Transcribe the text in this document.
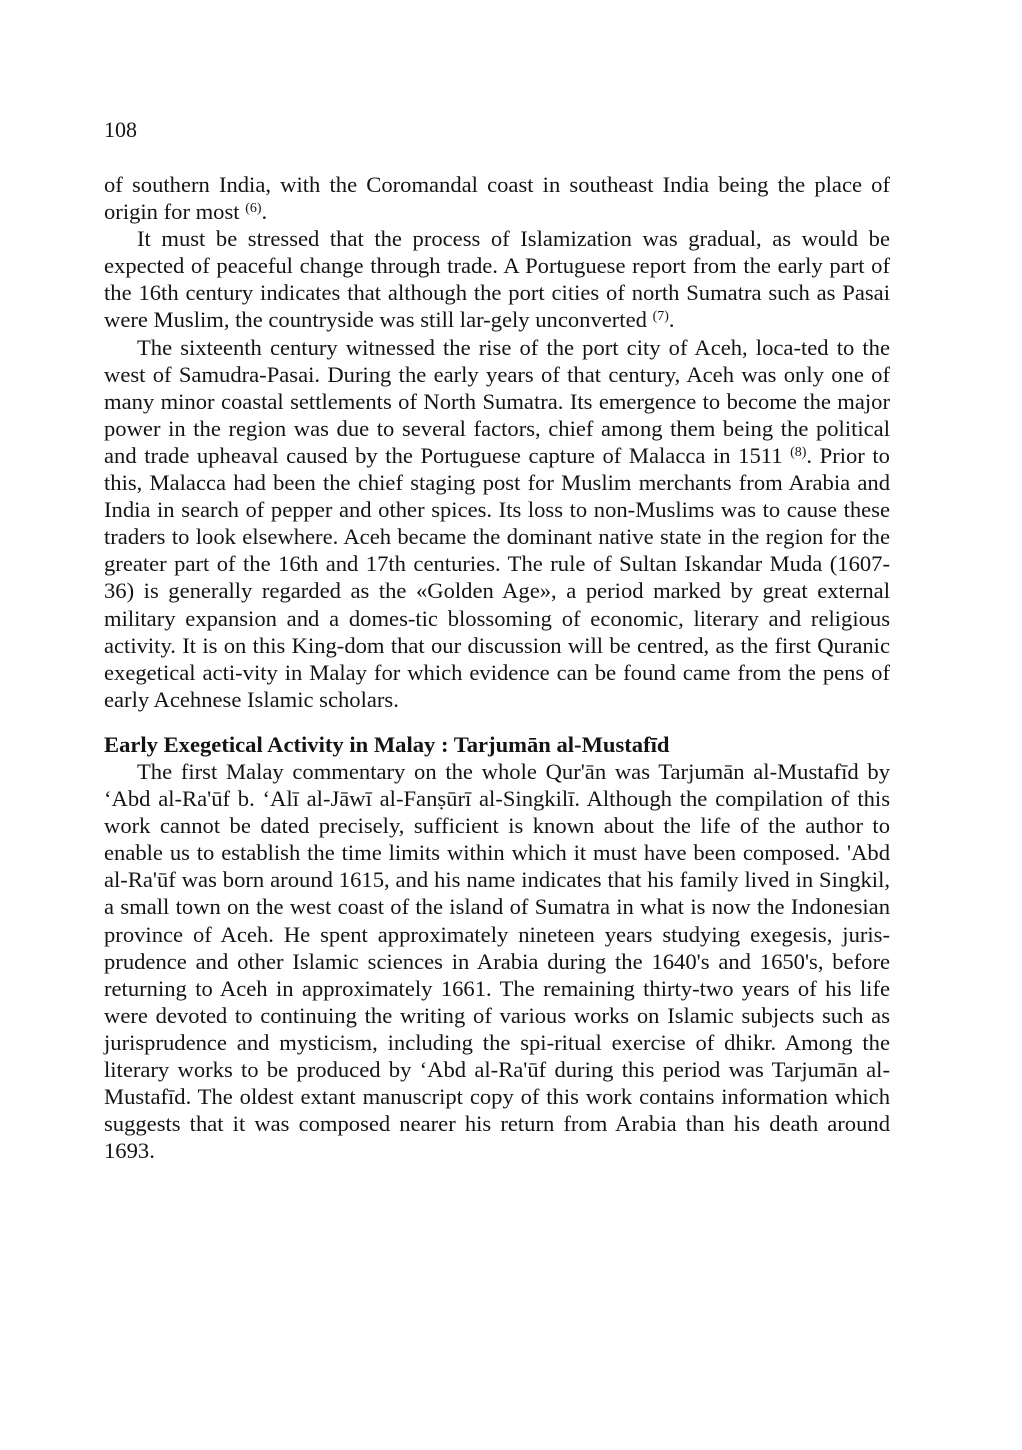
108

of southern India, with the Coromandal coast in southeast India being the place of origin for most $^{(6)}$.

It must be stressed that the process of Islamization was gradual, as would be expected of peaceful change through trade. A Portuguese report from the early part of the 16th century indicates that although the port cities of north Sumatra such as Pasai were Muslim, the countryside was still lar-gely unconverted $^{(7)}$.

The sixteenth century witnessed the rise of the port city of Aceh, loca-ted to the west of Samudra-Pasai. During the early years of that century, Aceh was only one of many minor coastal settlements of North Sumatra. Its emergence to become the major power in the region was due to several factors, chief among them being the political and trade upheaval caused by the Portuguese capture of Malacca in 1511 $^{(8)}$. Prior to this, Malacca had been the chief staging post for Muslim merchants from Arabia and India in search of pepper and other spices. Its loss to non-Muslims was to cause these traders to look elsewhere. Aceh became the dominant native state in the region for the greater part of the 16th and 17th centuries. The rule of Sultan Iskandar Muda (1607-36) is generally regarded as the «Golden Age», a period marked by great external military expansion and a domes-tic blossoming of economic, literary and religious activity. It is on this King-dom that our discussion will be centred, as the first Quranic exegetical acti-vity in Malay for which evidence can be found came from the pens of early Acehnese Islamic scholars.

Early Exegetical Activity in Malay : Tarjumān al-Mustafīd

The first Malay commentary on the whole Qur'ān was Tarjumān al-Mustafīd by ‘Abd al-Ra'ūf b. ‘Alī al-Jāwī al-Fanṣūrī al-Singkilī. Although the compilation of this work cannot be dated precisely, sufficient is known about the life of the author to enable us to establish the time limits within which it must have been composed. 'Abd al-Ra'ūf was born around 1615, and his name indicates that his family lived in Singkil, a small town on the west coast of the island of Sumatra in what is now the Indonesian province of Aceh. He spent approximately nineteen years studying exegesis, juris-prudence and other Islamic sciences in Arabia during the 1640's and 1650's, before returning to Aceh in approximately 1661. The remaining thirty-two years of his life were devoted to continuing the writing of various works on Islamic subjects such as jurisprudence and mysticism, including the spi-ritual exercise of dhikr. Among the literary works to be produced by ‘Abd al-Ra'ūf during this period was Tarjumān al-Mustafīd. The oldest extant manuscript copy of this work contains information which suggests that it was composed nearer his return from Arabia than his death around 1693.
